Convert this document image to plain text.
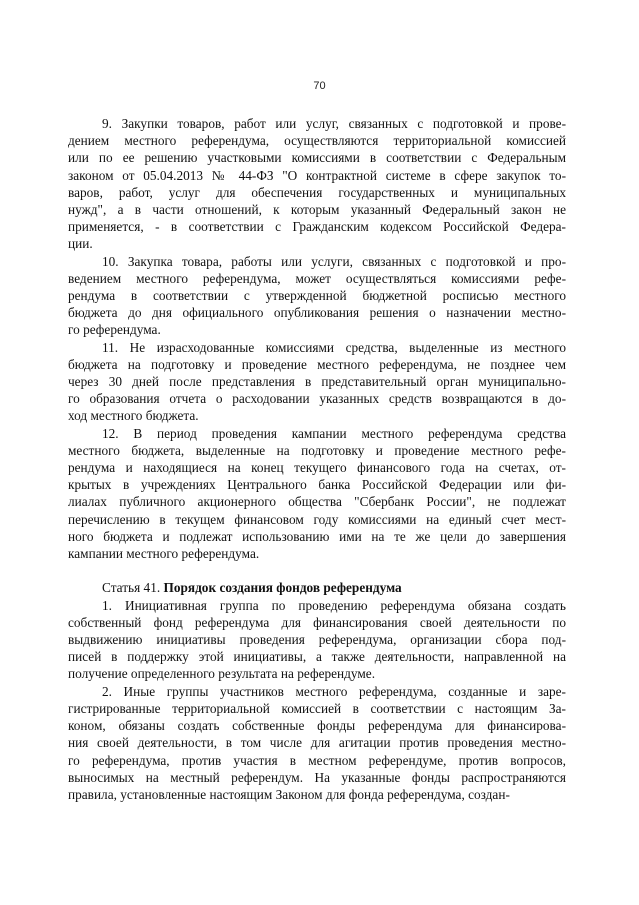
70
9. Закупки товаров, работ или услуг, связанных с подготовкой и прове-
дением местного референдума, осуществляются территориальной комиссией
или по ее решению участковыми комиссиями в соответствии с Федеральным
законом от 05.04.2013 № 44-ФЗ "О контрактной системе в сфере закупок то-
варов, работ, услуг для обеспечения государственных и муниципальных
нужд", а в части отношений, к которым указанный Федеральный закон не
применяется, - в соответствии с Гражданским кодексом Российской Федера-
ции.
10. Закупка товара, работы или услуги, связанных с подготовкой и про-
ведением местного референдума, может осуществляться комиссиями рефе-
рендума в соответствии с утвержденной бюджетной росписью местного
бюджета до дня официального опубликования решения о назначении местно-
го референдума.
11. Не израсходованные комиссиями средства, выделенные из местного
бюджета на подготовку и проведение местного референдума, не позднее чем
через 30 дней после представления в представительный орган муниципально-
го образования отчета о расходовании указанных средств возвращаются в до-
ход местного бюджета.
12. В период проведения кампании местного референдума средства
местного бюджета, выделенные на подготовку и проведение местного рефе-
рендума и находящиеся на конец текущего финансового года на счетах, от-
крытых в учреждениях Центрального банка Российской Федерации или фи-
лиалах публичного акционерного общества "Сбербанк России", не подлежат
перечислению в текущем финансовом году комиссиями на единый счет мест-
ного бюджета и подлежат использованию ими на те же цели до завершения
кампании местного референдума.
Статья 41. Порядок создания фондов референдума
1. Инициативная группа по проведению референдума обязана создать
собственный фонд референдума для финансирования своей деятельности по
выдвижению инициативы проведения референдума, организации сбора под-
писей в поддержку этой инициативы, а также деятельности, направленной на
получение определенного результата на референдуме.
2. Иные группы участников местного референдума, созданные и заре-
гистрированные территориальной комиссией в соответствии с настоящим За-
коном, обязаны создать собственные фонды референдума для финансирова-
ния своей деятельности, в том числе для агитации против проведения местно-
го референдума, против участия в местном референдуме, против вопросов,
выносимых на местный референдум. На указанные фонды распространяются
правила, установленные настоящим Законом для фонда референдума, создан-
